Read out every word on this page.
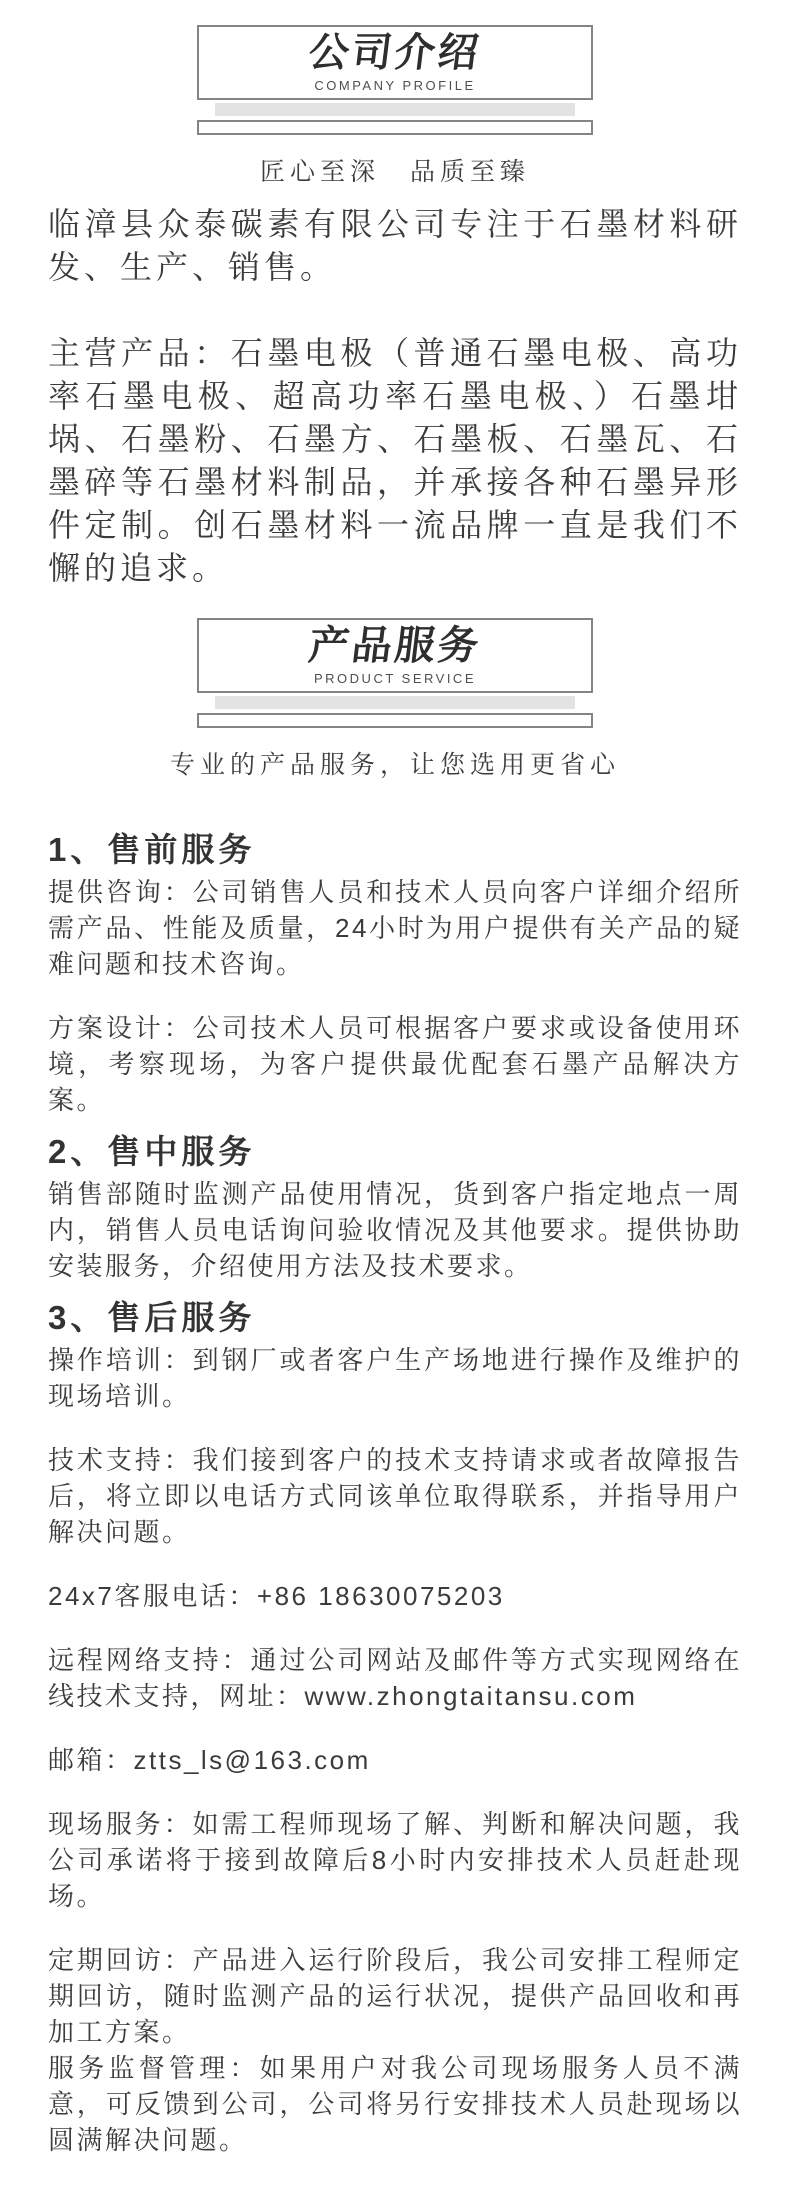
公司介绍
COMPANY PROFILE
匠心至深　品质至臻

临漳县众泰碳素有限公司专注于石墨材料研发、生产、销售。

主营产品：石墨电极（普通石墨电极、高功率石墨电极、超高功率石墨电极、）石墨坩埚、石墨粉、石墨方、石墨板、石墨瓦、石墨碎等石墨材料制品，并承接各种石墨异形件定制。创石墨材料一流品牌一直是我们不懈的追求。

产品服务
PRODUCT SERVICE
专业的产品服务，让您选用更省心
1、售前服务

提供咨询：公司销售人员和技术人员向客户详细介绍所需产品、性能及质量，24小时为用户提供有关产品的疑难问题和技术咨询。

方案设计：公司技术人员可根据客户要求或设备使用环境，考察现场，为客户提供最优配套石墨产品解决方案。

2、售中服务

销售部随时监测产品使用情况，货到客户指定地点一周内，销售人员电话询问验收情况及其他要求。提供协助安装服务，介绍使用方法及技术要求。

3、售后服务

操作培训：到钢厂或者客户生产场地进行操作及维护的现场培训。

技术支持：我们接到客户的技术支持请求或者故障报告后，将立即以电话方式同该单位取得联系，并指导用户解决问题。

24x7客服电话：+86 18630075203

远程网络支持：通过公司网站及邮件等方式实现网络在线技术支持，网址：www.zhongtaitansu.com

邮箱：ztts_ls@163.com

现场服务：如需工程师现场了解、判断和解决问题，我公司承诺将于接到故障后8小时内安排技术人员赶赴现场。

定期回访：产品进入运行阶段后，我公司安排工程师定期回访，随时监测产品的运行状况，提供产品回收和再加工方案。

服务监督管理：如果用户对我公司现场服务人员不满意，可反馈到公司，公司将另行安排技术人员赴现场以圆满解决问题。
